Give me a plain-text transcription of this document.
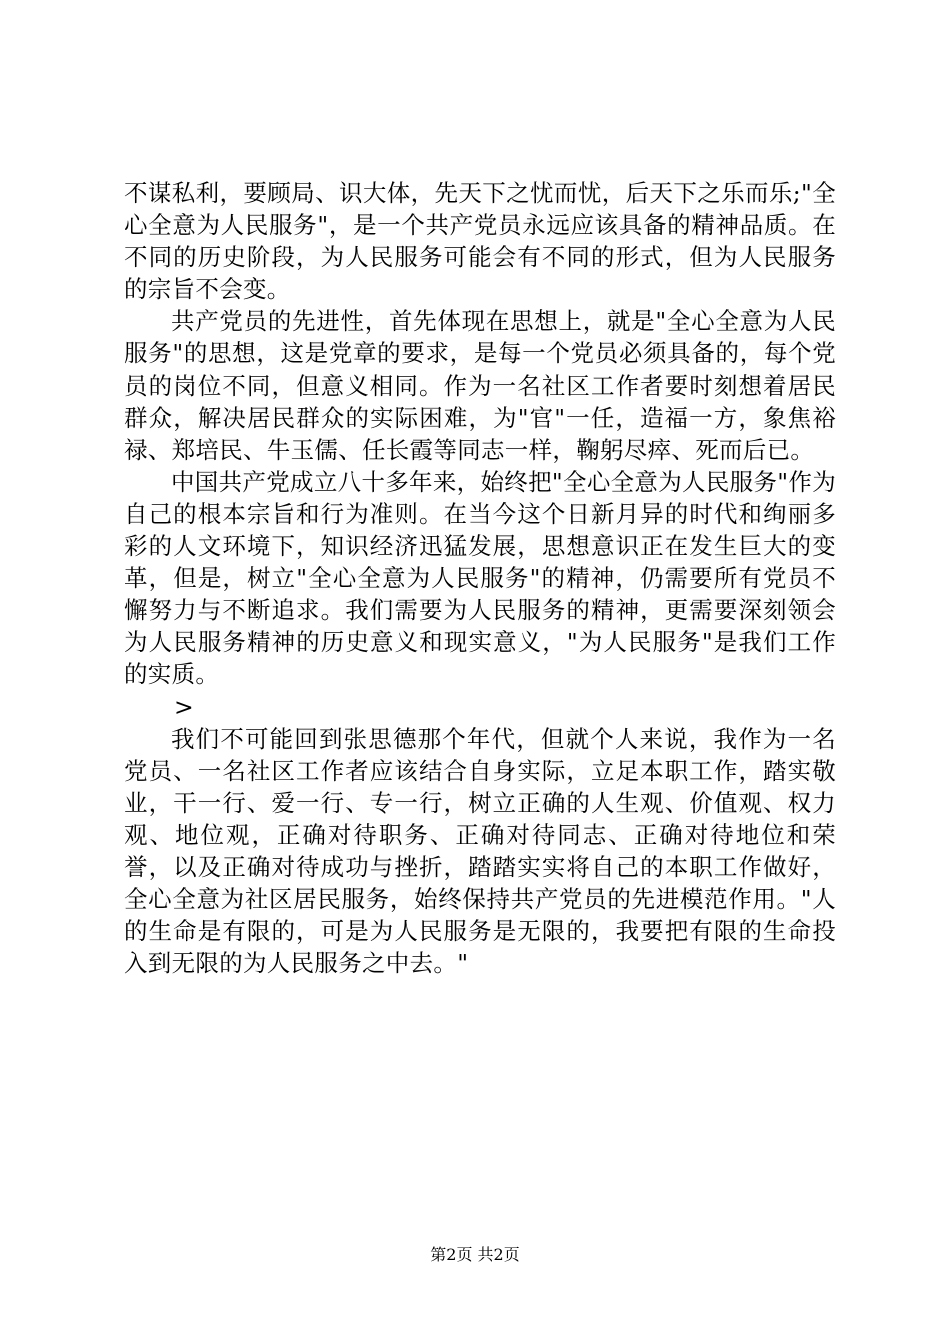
不谋私利，要顾局、识大体，先天下之忧而忧，后天下之乐而乐;"全心全意为人民服务"，是一个共产党员永远应该具备的精神品质。在不同的历史阶段，为人民服务可能会有不同的形式，但为人民服务的宗旨不会变。

共产党员的先进性，首先体现在思想上，就是"全心全意为人民服务"的思想，这是党章的要求，是每一个党员必须具备的，每个党员的岗位不同，但意义相同。作为一名社区工作者要时刻想着居民群众，解决居民群众的实际困难，为"官"一任，造福一方，象焦裕禄、郑培民、牛玉儒、任长霞等同志一样，鞠躬尽瘁、死而后已。

中国共产党成立八十多年来，始终把"全心全意为人民服务"作为自己的根本宗旨和行为准则。在当今这个日新月异的时代和绚丽多彩的人文环境下，知识经济迅猛发展，思想意识正在发生巨大的变革，但是，树立"全心全意为人民服务"的精神，仍需要所有党员不懈努力与不断追求。我们需要为人民服务的精神，更需要深刻领会为人民服务精神的历史意义和现实意义，"为人民服务"是我们工作的实质。

>

我们不可能回到张思德那个年代，但就个人来说，我作为一名党员、一名社区工作者应该结合自身实际，立足本职工作，踏实敬业，干一行、爱一行、专一行，树立正确的人生观、价值观、权力观、地位观，正确对待职务、正确对待同志、正确对待地位和荣誉，以及正确对待成功与挫折，踏踏实实将自己的本职工作做好，全心全意为社区居民服务，始终保持共产党员的先进模范作用。"人的生命是有限的，可是为人民服务是无限的，我要把有限的生命投入到无限的为人民服务之中去。"

第2页 共2页
